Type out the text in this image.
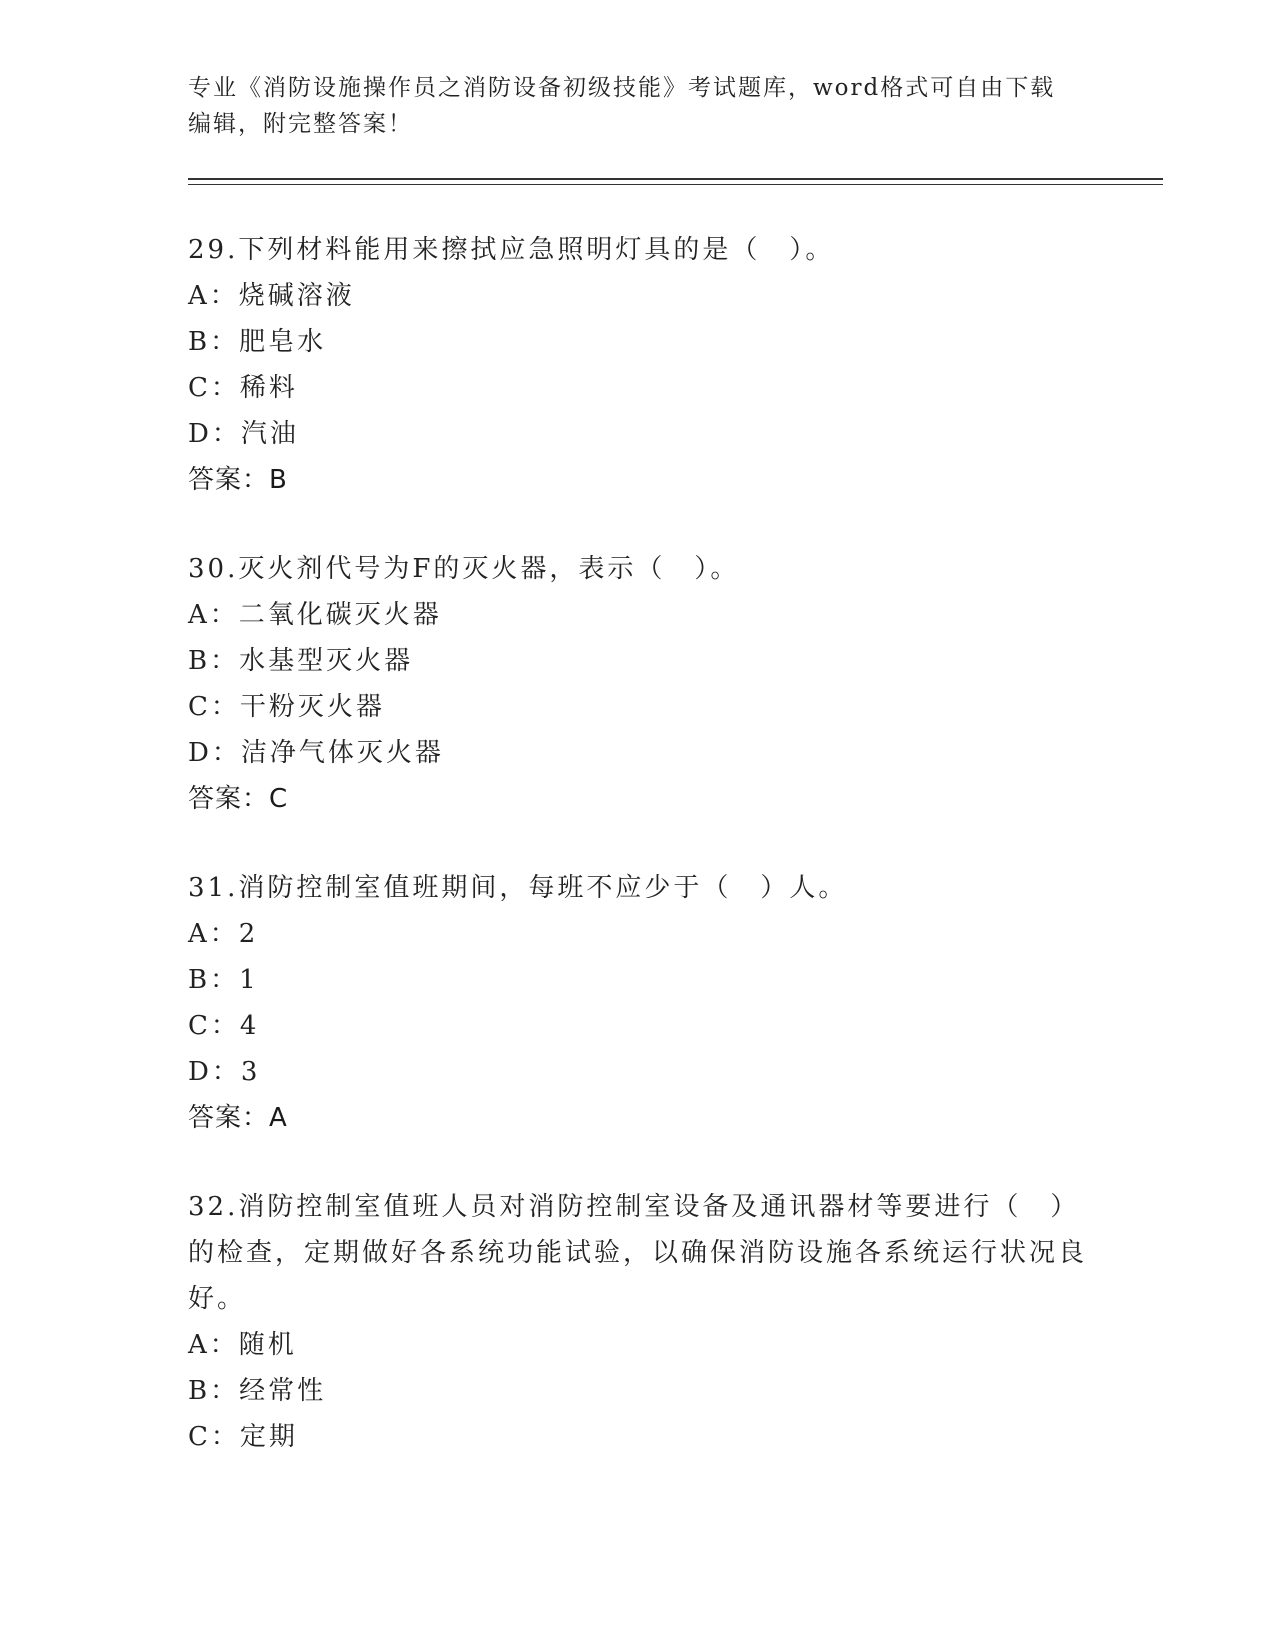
专业《消防设施操作员之消防设备初级技能》考试题库，word格式可自由下载编辑，附完整答案！
29.下列材料能用来擦拭应急照明灯具的是（　）。
A：烧碱溶液
B：肥皂水
C：稀料
D：汽油
答案：B
30.灭火剂代号为F的灭火器，表示（　）。
A：二氧化碳灭火器
B：水基型灭火器
C：干粉灭火器
D：洁净气体灭火器
答案：C
31.消防控制室值班期间，每班不应少于（　）人。
A：2
B：1
C：4
D：3
答案：A
32.消防控制室值班人员对消防控制室设备及通讯器材等要进行（　）的检查，定期做好各系统功能试验，以确保消防设施各系统运行状况良好。
A：随机
B：经常性
C：定期
